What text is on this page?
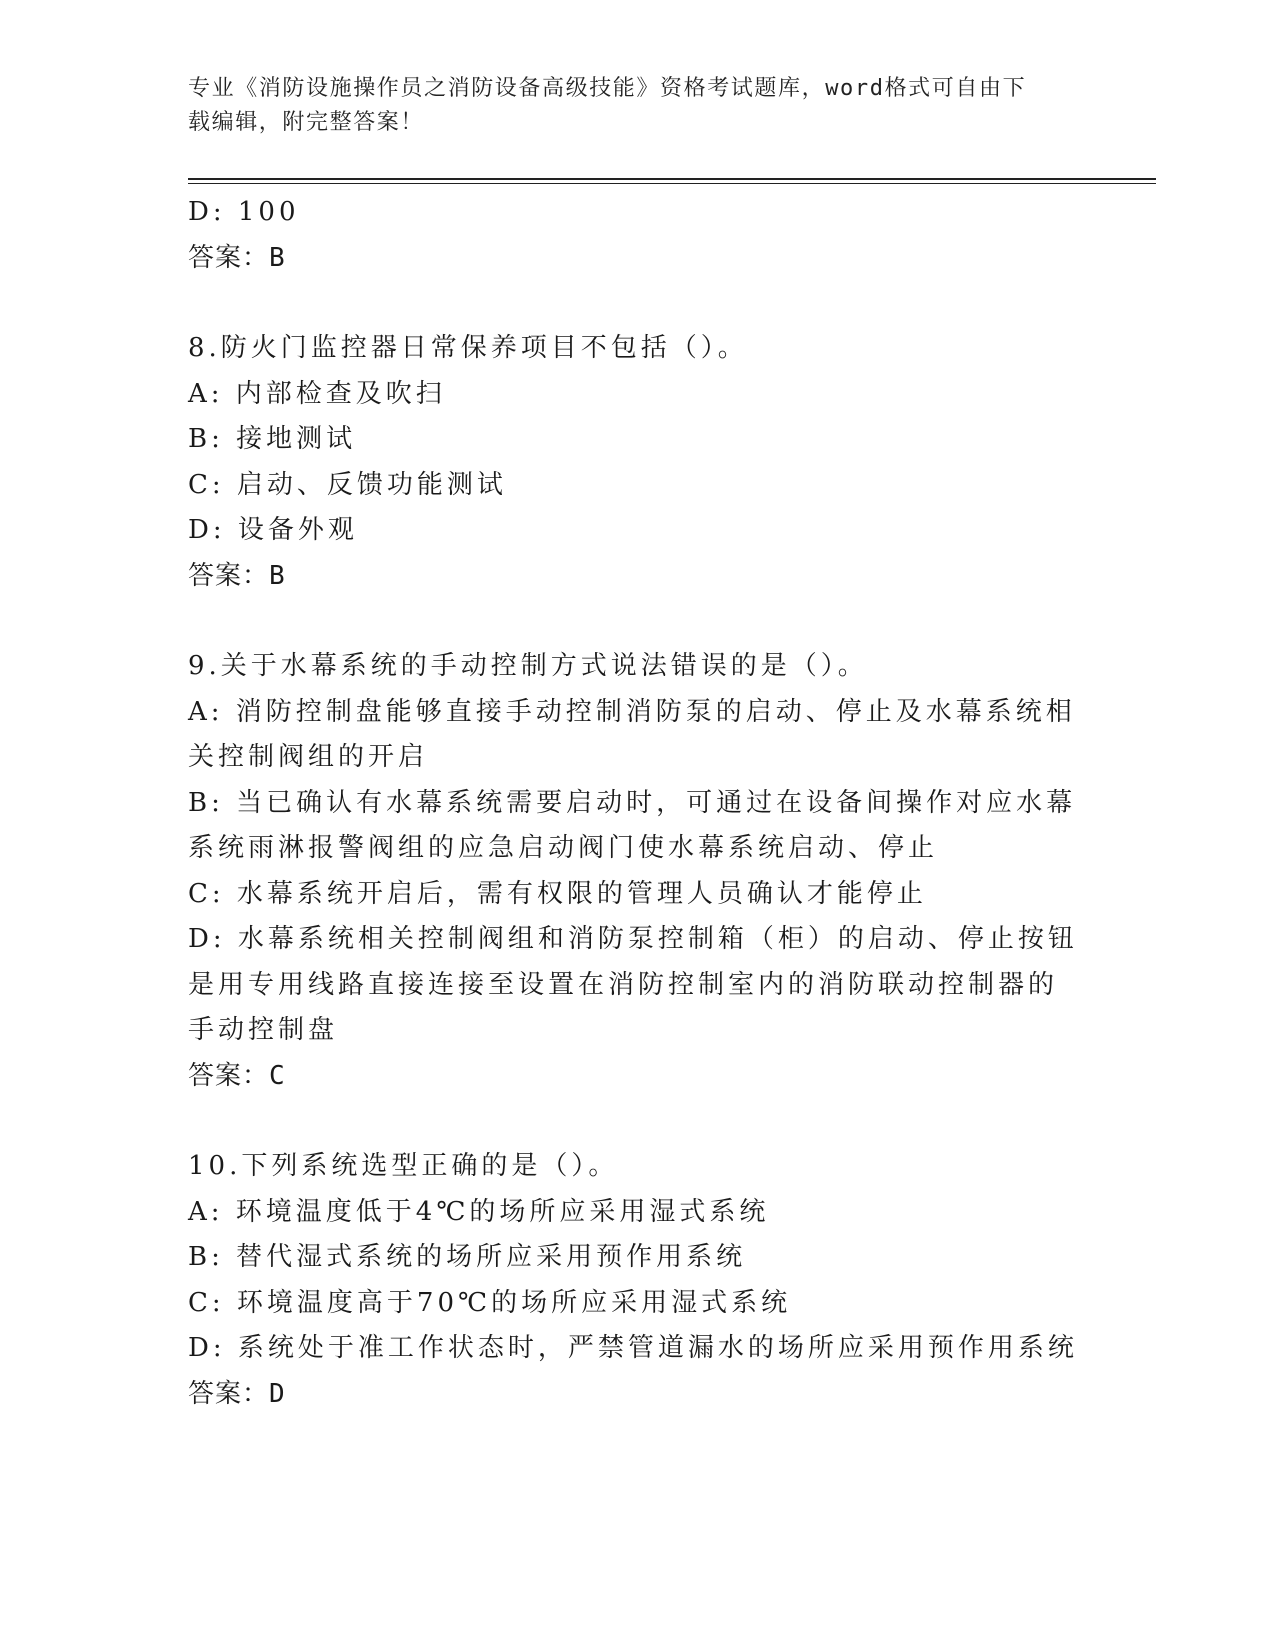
专业《消防设施操作员之消防设备高级技能》资格考试题库，word格式可自由下
载编辑，附完整答案！

D: 100

答案：B

8.防火门监控器日常保养项目不包括（）。

A: 内部检查及吹扫

B: 接地测试

C: 启动、反馈功能测试

D: 设备外观

答案：B

9.关于水幕系统的手动控制方式说法错误的是（）。

A: 消防控制盘能够直接手动控制消防泵的启动、停止及水幕系统相关控制阀组的开启

B: 当已确认有水幕系统需要启动时，可通过在设备间操作对应水幕系统雨淋报警阀组的应急启动阀门使水幕系统启动、停止

C: 水幕系统开启后，需有权限的管理人员确认才能停止

D: 水幕系统相关控制阀组和消防泵控制箱（柜）的启动、停止按钮是用专用线路直接连接至设置在消防控制室内的消防联动控制器的手动控制盘

答案：C

10.下列系统选型正确的是（）。

A: 环境温度低于4℃的场所应采用湿式系统

B: 替代湿式系统的场所应采用预作用系统

C: 环境温度高于70℃的场所应采用湿式系统

D: 系统处于准工作状态时，严禁管道漏水的场所应采用预作用系统

答案：D
